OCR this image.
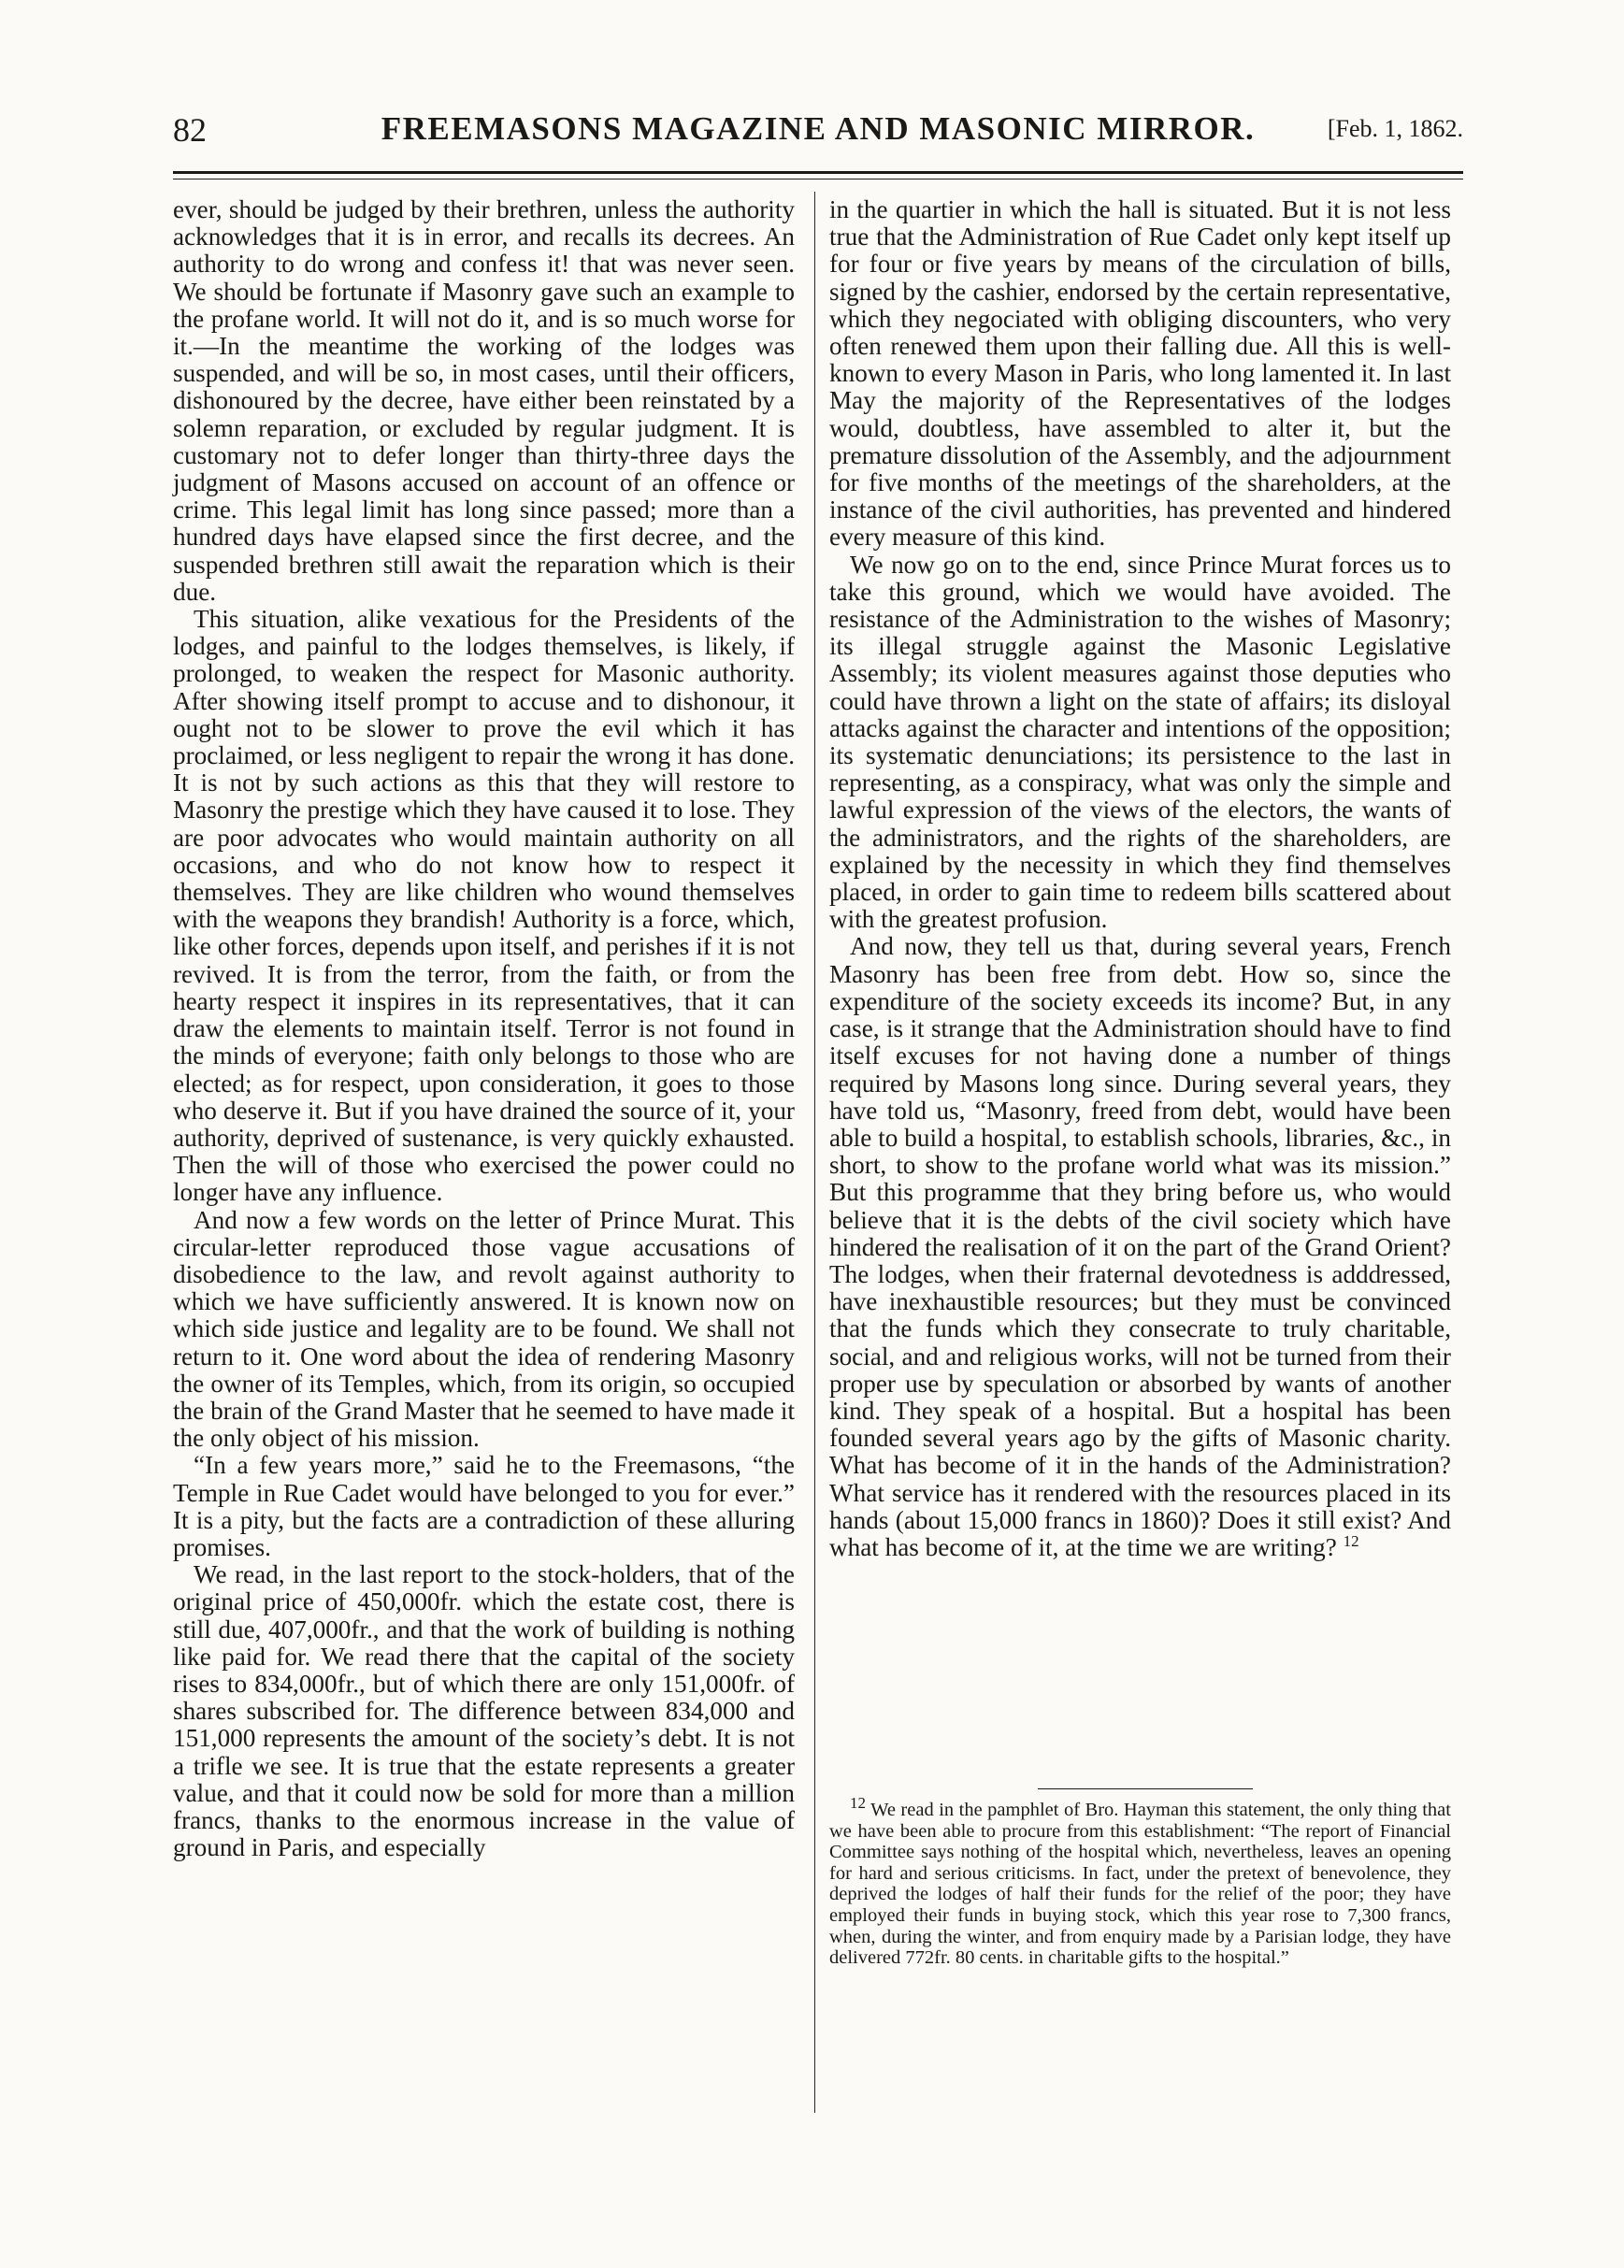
82	FREEMASONS MAGAZINE AND MASONIC MIRROR.	[Feb. 1, 1862.

ever, should be judged by their brethren, unless the authority acknowledges that it is in error, and recalls its decrees. An authority to do wrong and confess it! that was never seen. We should be fortunate if Masonry gave such an example to the profane world. It will not do it, and is so much worse for it.—In the meantime the working of the lodges was suspended, and will be so, in most cases, until their officers, dishonoured by the decree, have either been reinstated by a solemn reparation, or excluded by regular judgment. It is customary not to defer longer than thirty-three days the judgment of Masons accused on account of an offence or crime. This legal limit has long since passed; more than a hundred days have elapsed since the first decree, and the suspended brethren still await the reparation which is their due.

This situation, alike vexatious for the Presidents of the lodges, and painful to the lodges themselves, is likely, if prolonged, to weaken the respect for Masonic authority. After showing itself prompt to accuse and to dishonour, it ought not to be slower to prove the evil which it has proclaimed, or less negligent to repair the wrong it has done. It is not by such actions as this that they will restore to Masonry the prestige which they have caused it to lose. They are poor advocates who would maintain authority on all occasions, and who do not know how to respect it themselves. They are like children who wound themselves with the weapons they brandish! Authority is a force, which, like other forces, depends upon itself, and perishes if it is not revived. It is from the terror, from the faith, or from the hearty respect it inspires in its representatives, that it can draw the elements to maintain itself. Terror is not found in the minds of everyone; faith only belongs to those who are elected; as for respect, upon consideration, it goes to those who deserve it. But if you have drained the source of it, your authority, deprived of sustenance, is very quickly exhausted. Then the will of those who exercised the power could no longer have any influence.

And now a few words on the letter of Prince Murat. This circular-letter reproduced those vague accusations of disobedience to the law, and revolt against authority to which we have sufficiently answered. It is known now on which side justice and legality are to be found. We shall not return to it. One word about the idea of rendering Masonry the owner of its Temples, which, from its origin, so occupied the brain of the Grand Master that he seemed to have made it the only object of his mission.

“In a few years more,” said he to the Freemasons, “the Temple in Rue Cadet would have belonged to you for ever.” It is a pity, but the facts are a contradiction of these alluring promises.

We read, in the last report to the stock-holders, that of the original price of 450,000fr. which the estate cost, there is still due, 407,000fr., and that the work of building is nothing like paid for. We read there that the capital of the society rises to 834,000fr., but of which there are only 151,000fr. of shares subscribed for. The difference between 834,000 and 151,000 represents the amount of the society’s debt. It is not a trifle we see. It is true that the estate represents a greater value, and that it could now be sold for more than a million francs, thanks to the enormous increase in the value of ground in Paris, and especially

in the quartier in which the hall is situated. But it is not less true that the Administration of Rue Cadet only kept itself up for four or five years by means of the circulation of bills, signed by the cashier, endorsed by the certain representative, which they negociated with obliging discounters, who very often renewed them upon their falling due. All this is well-known to every Mason in Paris, who long lamented it. In last May the majority of the Representatives of the lodges would, doubtless, have assembled to alter it, but the premature dissolution of the Assembly, and the adjournment for five months of the meetings of the shareholders, at the instance of the civil authorities, has prevented and hindered every measure of this kind.

We now go on to the end, since Prince Murat forces us to take this ground, which we would have avoided. The resistance of the Administration to the wishes of Masonry; its illegal struggle against the Masonic Legislative Assembly; its violent measures against those deputies who could have thrown a light on the state of affairs; its disloyal attacks against the character and intentions of the opposition; its systematic denunciations; its persistence to the last in representing, as a conspiracy, what was only the simple and lawful expression of the views of the electors, the wants of the administrators, and the rights of the shareholders, are explained by the necessity in which they find themselves placed, in order to gain time to redeem bills scattered about with the greatest profusion.

And now, they tell us that, during several years, French Masonry has been free from debt. How so, since the expenditure of the society exceeds its income? But, in any case, is it strange that the Administration should have to find itself excuses for not having done a number of things required by Masons long since. During several years, they have told us, “Masonry, freed from debt, would have been able to build a hospital, to establish schools, libraries, &c., in short, to show to the profane world what was its mission.” But this programme that they bring before us, who would believe that it is the debts of the civil society which have hindered the realisation of it on the part of the Grand Orient? The lodges, when their fraternal devotedness is adddressed, have inexhaustible resources; but they must be convinced that the funds which they consecrate to truly charitable, social, and and religious works, will not be turned from their proper use by speculation or absorbed by wants of another kind. They speak of a hospital. But a hospital has been founded several years ago by the gifts of Masonic charity. What has become of it in the hands of the Administration? What service has it rendered with the resources placed in its hands (about 15,000 francs in 1860)? Does it still exist? And what has become of it, at the time we are writing? $^{12}$

$^{12}$ We read in the pamphlet of Bro. Hayman this statement, the only thing that we have been able to procure from this establishment: “The report of Financial Committee says nothing of the hospital which, nevertheless, leaves an opening for hard and serious criticisms. In fact, under the pretext of benevolence, they deprived the lodges of half their funds for the relief of the poor; they have employed their funds in buying stock, which this year rose to 7,300 francs, when, during the winter, and from enquiry made by a Parisian lodge, they have delivered 772fr. 80 cents. in charitable gifts to the hospital.”
